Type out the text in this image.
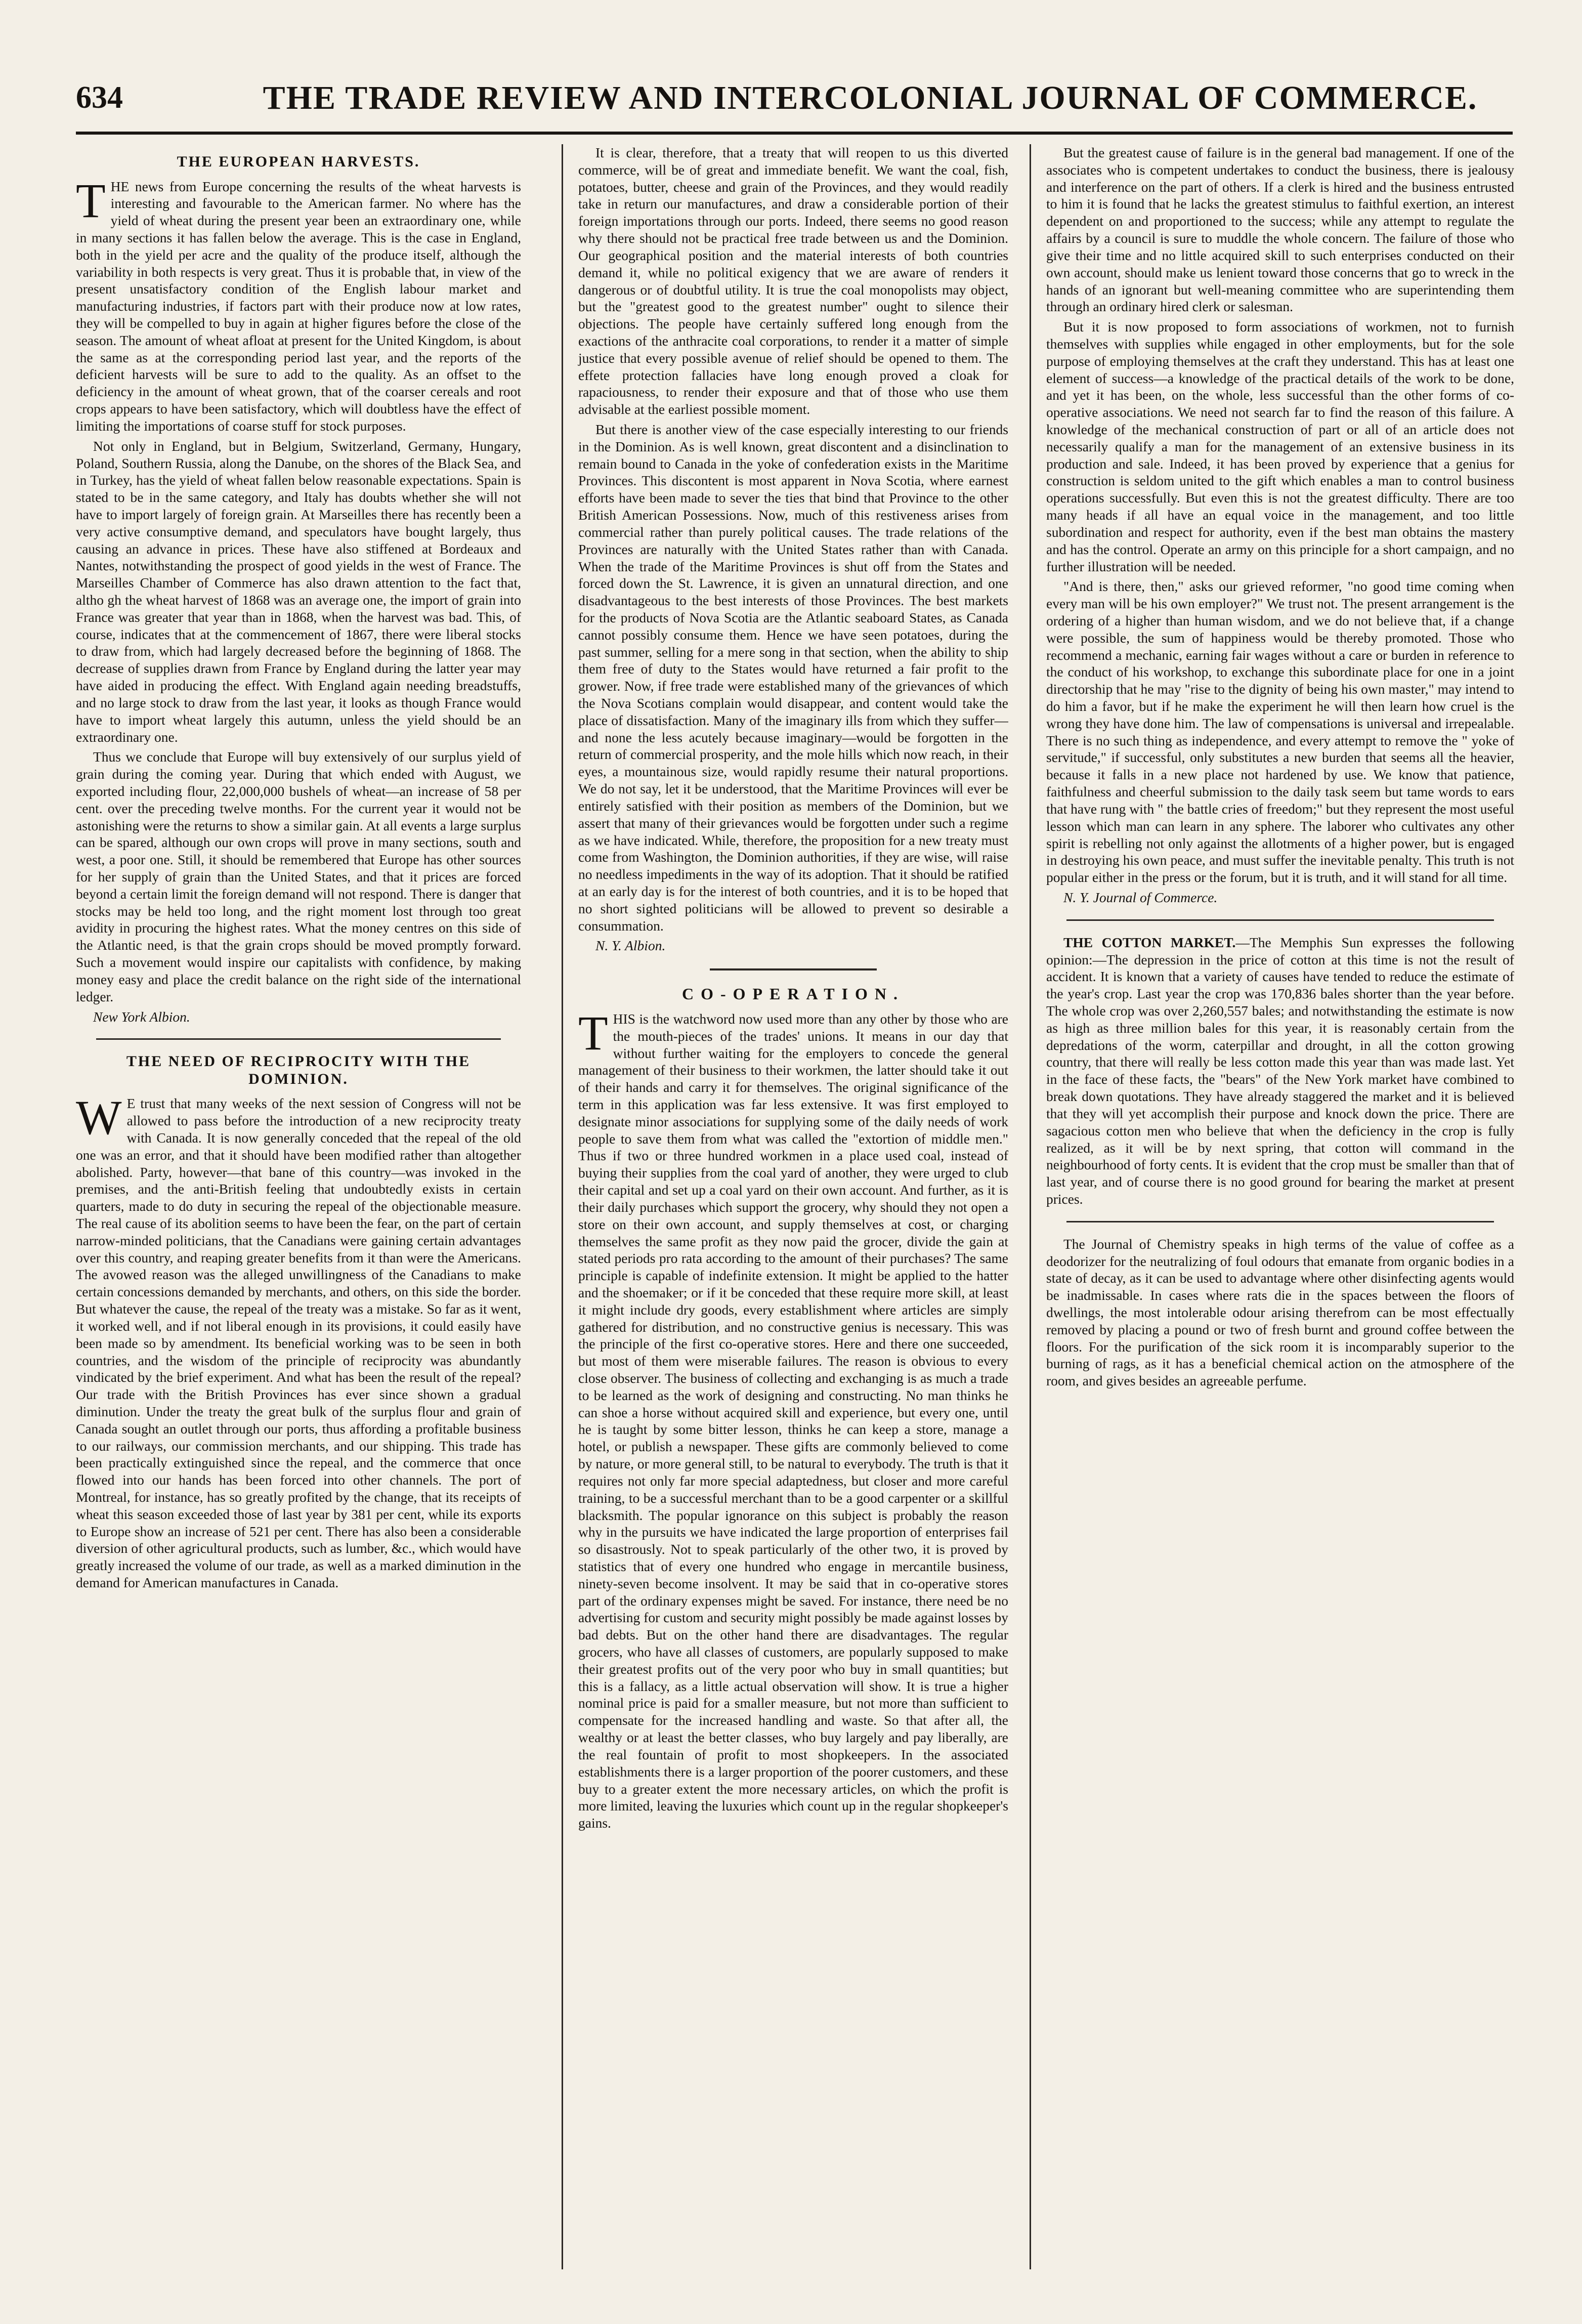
634	THE TRADE REVIEW AND INTERCOLONIAL JOURNAL OF COMMERCE.
THE EUROPEAN HARVESTS.

THE news from Europe concerning the results of the wheat harvests is interesting and favourable to the American farmer. No where has the yield of wheat during the present year been an extraordinary one, while in many sections it has fallen below the average. This is the case in England, both in the yield per acre and the quality of the produce itself, although the variability in both respects is very great. Thus it is probable that, in view of the present unsatisfactory condition of the English labour market and manufacturing industries, if factors part with their produce now at low rates, they will be compelled to buy in again at higher figures before the close of the season. The amount of wheat afloat at present for the United Kingdom, is about the same as at the corresponding period last year, and the reports of the deficient harvests will be sure to add to the quality. As an offset to the deficiency in the amount of wheat grown, that of the coarser cereals and root crops appears to have been satisfactory, which will doubtless have the effect of limiting the importations of coarse stuff for stock purposes.

Not only in England, but in Belgium, Switzerland, Germany, Hungary, Poland, Southern Russia, along the Danube, on the shores of the Black Sea, and in Turkey, has the yield of wheat fallen below reasonable expectations. Spain is stated to be in the same category, and Italy has doubts whether she will not have to import largely of foreign grain. At Marseilles there has recently been a very active consumptive demand, and speculators have bought largely, thus causing an advance in prices. These have also stiffened at Bordeaux and Nantes, notwithstanding the prospect of good yields in the west of France. The Marseilles Chamber of Commerce has also drawn attention to the fact that, altho gh the wheat harvest of 1868 was an average one, the import of grain into France was greater that year than in 1868, when the harvest was bad. This, of course, indicates that at the commencement of 1867, there were liberal stocks to draw from, which had largely decreased before the beginning of 1868. The decrease of supplies drawn from France by England during the latter year may have aided in producing the effect. With England again needing breadstuffs, and no large stock to draw from the last year, it looks as though France would have to import wheat largely this autumn, unless the yield should be an extraordinary one.

Thus we conclude that Europe will buy extensively of our surplus yield of grain during the coming year. During that which ended with August, we exported including flour, 22,000,000 bushels of wheat—an increase of 58 per cent. over the preceding twelve months. For the current year it would not be astonishing were the returns to show a similar gain. At all events a large surplus can be spared, although our own crops will prove in many sections, south and west, a poor one. Still, it should be remembered that Europe has other sources for her supply of grain than the United States, and that it prices are forced beyond a certain limit the foreign demand will not respond. There is danger that stocks may be held too long, and the right moment lost through too great avidity in procuring the highest rates. What the money centres on this side of the Atlantic need, is that the grain crops should be moved promptly forward. Such a movement would inspire our capitalists with confidence, by making money easy and place the credit balance on the right side of the international ledger.

New York Albion.

THE NEED OF RECIPROCITY WITH THE DOMINION.

WE trust that many weeks of the next session of Congress will not be allowed to pass before the introduction of a new reciprocity treaty with Canada. It is now generally conceded that the repeal of the old one was an error, and that it should have been modified rather than altogether abolished. Party, however—that bane of this country—was invoked in the premises, and the anti-British feeling that undoubtedly exists in certain quarters, made to do duty in securing the repeal of the objectionable measure. The real cause of its abolition seems to have been the fear, on the part of certain narrow-minded politicians, that the Canadians were gaining certain advantages over this country, and reaping greater benefits from it than were the Americans. The avowed reason was the alleged unwillingness of the Canadians to make certain concessions demanded by merchants, and others, on this side the border. But whatever the cause, the repeal of the treaty was a mistake. So far as it went, it worked well, and if not liberal enough in its provisions, it could easily have been made so by amendment. Its beneficial working was to be seen in both countries, and the wisdom of the principle of reciprocity was abundantly vindicated by the brief experiment. And what has been the result of the repeal? Our trade with the British Provinces has ever since shown a gradual diminution. Under the treaty the great bulk of the surplus flour and grain of Canada sought an outlet through our ports, thus affording a profitable business to our railways, our commission merchants, and our shipping. This trade has been practically extinguished since the repeal, and the commerce that once flowed into our hands has been forced into other channels. The port of Montreal, for instance, has so greatly profited by the change, that its receipts of wheat this season exceeded those of last year by 381 per cent, while its exports to Europe show an increase of 521 per cent. There has also been a considerable diversion of other agricultural products, such as lumber, &c., which would have greatly increased the volume of our trade, as well as a marked diminution in the demand for American manufactures in Canada.

It is clear, therefore, that a treaty that will reopen to us this diverted commerce, will be of great and immediate benefit. We want the coal, fish, potatoes, butter, cheese and grain of the Provinces, and they would readily take in return our manufactures, and draw a considerable portion of their foreign importations through our ports. Indeed, there seems no good reason why there should not be practical free trade between us and the Dominion. Our geographical position and the material interests of both countries demand it, while no political exigency that we are aware of renders it dangerous or of doubtful utility. It is true the coal monopolists may object, but the "greatest good to the greatest number" ought to silence their objections. The people have certainly suffered long enough from the exactions of the anthracite coal corporations, to render it a matter of simple justice that every possible avenue of relief should be opened to them. The effete protection fallacies have long enough proved a cloak for rapaciousness, to render their exposure and that of those who use them advisable at the earliest possible moment.

But there is another view of the case especially interesting to our friends in the Dominion. As is well known, great discontent and a disinclination to remain bound to Canada in the yoke of confederation exists in the Maritime Provinces. This discontent is most apparent in Nova Scotia, where earnest efforts have been made to sever the ties that bind that Province to the other British American Possessions. Now, much of this restiveness arises from commercial rather than purely political causes. The trade relations of the Provinces are naturally with the United States rather than with Canada. When the trade of the Maritime Provinces is shut off from the States and forced down the St. Lawrence, it is given an unnatural direction, and one disadvantageous to the best interests of those Provinces. The best markets for the products of Nova Scotia are the Atlantic seaboard States, as Canada cannot possibly consume them. Hence we have seen potatoes, during the past summer, selling for a mere song in that section, when the ability to ship them free of duty to the States would have returned a fair profit to the grower. Now, if free trade were established many of the grievances of which the Nova Scotians complain would disappear, and content would take the place of dissatisfaction. Many of the imaginary ills from which they suffer—and none the less acutely because imaginary—would be forgotten in the return of commercial prosperity, and the mole hills which now reach, in their eyes, a mountainous size, would rapidly resume their natural proportions. We do not say, let it be understood, that the Maritime Provinces will ever be entirely satisfied with their position as members of the Dominion, but we assert that many of their grievances would be forgotten under such a regime as we have indicated. While, therefore, the proposition for a new treaty must come from Washington, the Dominion authorities, if they are wise, will raise no needless impediments in the way of its adoption. That it should be ratified at an early day is for the interest of both countries, and it is to be hoped that no short sighted politicians will be allowed to prevent so desirable a consummation.

N. Y. Albion.

CO-OPERATION.

THIS is the watchword now used more than any other by those who are the mouth-pieces of the trades' unions. It means in our day that without further waiting for the employers to concede the general management of their business to their workmen, the latter should take it out of their hands and carry it for themselves. The original significance of the term in this application was far less extensive. It was first employed to designate minor associations for supplying some of the daily needs of work people to save them from what was called the "extortion of middle men." Thus if two or three hundred workmen in a place used coal, instead of buying their supplies from the coal yard of another, they were urged to club their capital and set up a coal yard on their own account. And further, as it is their daily purchases which support the grocery, why should they not open a store on their own account, and supply themselves at cost, or charging themselves the same profit as they now paid the grocer, divide the gain at stated periods pro rata according to the amount of their purchases? The same principle is capable of indefinite extension. It might be applied to the hatter and the shoemaker; or if it be conceded that these require more skill, at least it might include dry goods, every establishment where articles are simply gathered for distribution, and no constructive genius is necessary. This was the principle of the first co-operative stores. Here and there one succeeded, but most of them were miserable failures. The reason is obvious to every close observer. The business of collecting and exchanging is as much a trade to be learned as the work of designing and constructing. No man thinks he can shoe a horse without acquired skill and experience, but every one, until he is taught by some bitter lesson, thinks he can keep a store, manage a hotel, or publish a newspaper. These gifts are commonly believed to come by nature, or more general still, to be natural to everybody. The truth is that it requires not only far more special adaptedness, but closer and more careful training, to be a successful merchant than to be a good carpenter or a skillful blacksmith. The popular ignorance on this subject is probably the reason why in the pursuits we have indicated the large proportion of enterprises fail so disastrously. Not to speak particularly of the other two, it is proved by statistics that of every one hundred who engage in mercantile business, ninety-seven become insolvent. It may be said that in co-operative stores part of the ordinary expenses might be saved. For instance, there need be no advertising for custom and security might possibly be made against losses by bad debts. But on the other hand there are disadvantages. The regular grocers, who have all classes of customers, are popularly supposed to make their greatest profits out of the very poor who buy in small quantities; but this is a fallacy, as a little actual observation will show. It is true a higher nominal price is paid for a smaller measure, but not more than sufficient to compensate for the increased handling and waste. So that after all, the wealthy or at least the better classes, who buy largely and pay liberally, are the real fountain of profit to most shopkeepers. In the associated establishments there is a larger proportion of the poorer customers, and these buy to a greater extent the more necessary articles, on which the profit is more limited, leaving the luxuries which count up in the regular shopkeeper's gains.

But the greatest cause of failure is in the general bad management. If one of the associates who is competent undertakes to conduct the business, there is jealousy and interference on the part of others. If a clerk is hired and the business entrusted to him it is found that he lacks the greatest stimulus to faithful exertion, an interest dependent on and proportioned to the success; while any attempt to regulate the affairs by a council is sure to muddle the whole concern. The failure of those who give their time and no little acquired skill to such enterprises conducted on their own account, should make us lenient toward those concerns that go to wreck in the hands of an ignorant but well-meaning committee who are superintending them through an ordinary hired clerk or salesman.

But it is now proposed to form associations of workmen, not to furnish themselves with supplies while engaged in other employments, but for the sole purpose of employing themselves at the craft they understand. This has at least one element of success—a knowledge of the practical details of the work to be done, and yet it has been, on the whole, less successful than the other forms of co-operative associations. We need not search far to find the reason of this failure. A knowledge of the mechanical construction of part or all of an article does not necessarily qualify a man for the management of an extensive business in its production and sale. Indeed, it has been proved by experience that a genius for construction is seldom united to the gift which enables a man to control business operations successfully. But even this is not the greatest difficulty. There are too many heads if all have an equal voice in the management, and too little subordination and respect for authority, even if the best man obtains the mastery and has the control. Operate an army on this principle for a short campaign, and no further illustration will be needed.

"And is there, then," asks our grieved reformer, "no good time coming when every man will be his own employer?" We trust not. The present arrangement is the ordering of a higher than human wisdom, and we do not believe that, if a change were possible, the sum of happiness would be thereby promoted. Those who recommend a mechanic, earning fair wages without a care or burden in reference to the conduct of his workshop, to exchange this subordinate place for one in a joint directorship that he may "rise to the dignity of being his own master," may intend to do him a favor, but if he make the experiment he will then learn how cruel is the wrong they have done him. The law of compensations is universal and irrepealable. There is no such thing as independence, and every attempt to remove the " yoke of servitude," if successful, only substitutes a new burden that seems all the heavier, because it falls in a new place not hardened by use. We know that patience, faithfulness and cheerful submission to the daily task seem but tame words to ears that have rung with " the battle cries of freedom;" but they represent the most useful lesson which man can learn in any sphere. The laborer who cultivates any other spirit is rebelling not only against the allotments of a higher power, but is engaged in destroying his own peace, and must suffer the inevitable penalty. This truth is not popular either in the press or the forum, but it is truth, and it will stand for all time.

N. Y. Journal of Commerce.

THE COTTON MARKET.—The Memphis Sun expresses the following opinion:—The depression in the price of cotton at this time is not the result of accident. It is known that a variety of causes have tended to reduce the estimate of the year's crop. Last year the crop was 170,836 bales shorter than the year before. The whole crop was over 2,260,557 bales; and notwithstanding the estimate is now as high as three million bales for this year, it is reasonably certain from the depredations of the worm, caterpillar and drought, in all the cotton growing country, that there will really be less cotton made this year than was made last. Yet in the face of these facts, the "bears" of the New York market have combined to break down quotations. They have already staggered the market and it is believed that they will yet accomplish their purpose and knock down the price. There are sagacious cotton men who believe that when the deficiency in the crop is fully realized, as it will be by next spring, that cotton will command in the neighbourhood of forty cents. It is evident that the crop must be smaller than that of last year, and of course there is no good ground for bearing the market at present prices.

The Journal of Chemistry speaks in high terms of the value of coffee as a deodorizer for the neutralizing of foul odours that emanate from organic bodies in a state of decay, as it can be used to advantage where other disinfecting agents would be inadmissable. In cases where rats die in the spaces between the floors of dwellings, the most intolerable odour arising therefrom can be most effectually removed by placing a pound or two of fresh burnt and ground coffee between the floors. For the purification of the sick room it is incomparably superior to the burning of rags, as it has a beneficial chemical action on the atmosphere of the room, and gives besides an agreeable perfume.
